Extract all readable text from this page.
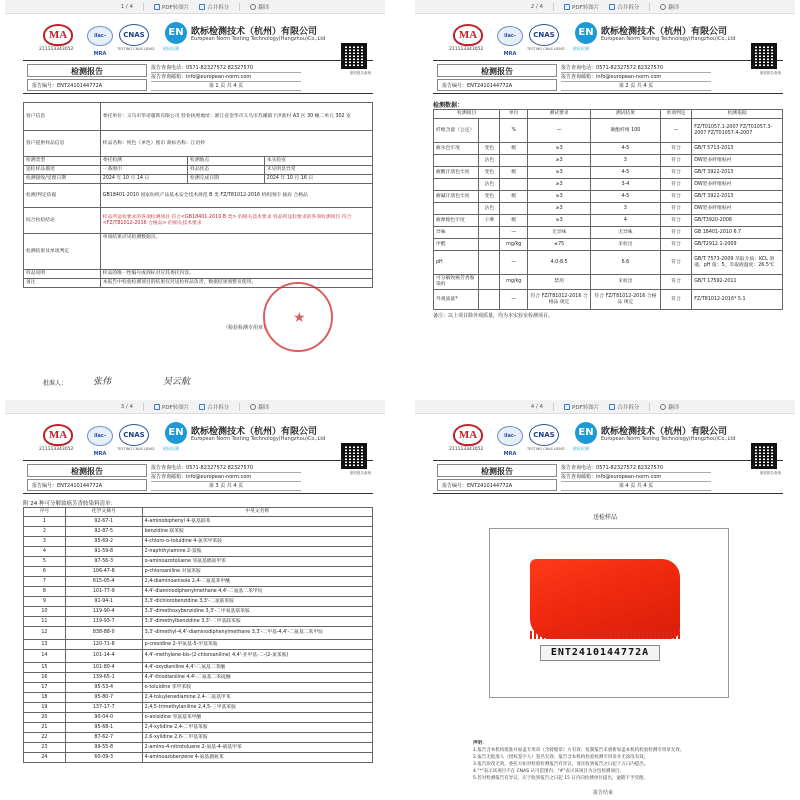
1 / 4	PDF转图片	合并拆分	翻译
MA
211113343052
ilac-MRA
CNAS
TESTING CNAS L8562
EN
欧标检测
欧标检测技术（杭州）有限公司
European Norm Testing Technology(Hangzhou)Co.,Ltd
检测报告
报告编号：ENT2410144772A
报告查询电话：0571-82327572 82327570
报告查询邮箱：info@european-norm.com
第 1 页 共 4 页
微信报告查询
客户信息	委托单位：义乌市华语服饰有限公司 营业执照地址：浙江省金华市义乌市苏溪镇下洪新村 A3 区 30 幢二单元 302 室		
客户提供样品信息	样品名称：纯色（单色）围巾 商标名称：江语妙		
检测类型	委托检测	检测地点	本实验室
送检样品描述	一条围巾	样品状态	未见明显异常
检测接收/受理日期	2024 年 10 月 14 日	检测完成日期	2024 年 10 月 16 日
检测/判定依据	GB18401-2010 国家纺织产品基本安全技术规范 B 类 FZ/T81012-2016 机织围巾 披肩 合格品		
综合检验结论	样品所送检要求的各项检测项目 符合<GB18401-2010 B 类> 的相关技术要求 样品所送检要求的各项检测项目 符合<FZ/T81012-2016 合格品> 的相关技术要求		
检测结果及单项判定	单项结果详见检测数据页。		
样品说明	样品的唯一性编号或商标对应其委托内容。		
备注	本报告中检验检测项目的结果仅对送检样品负责，数据结果须整页使用。		
（检验检测专用章）
★
批准人：	张伟	吴云航
2 / 4	PDF转图片	合并拆分	翻译
MA
211113343052
ilac-MRA
CNAS
TESTING CNAS L8562
EN
欧标检测
欧标检测技术（杭州）有限公司
European Norm Testing Technology(Hangzhou)Co.,Ltd
检测报告
报告编号：ENT2410144772A
报告查询电话：0571-82327572 82327570
报告查询邮箱：info@european-norm.com
第 2 页 共 4 页
微信报告查询
检测数据：
检测项目		单位	测试要求	测试结果	单项判定	检测依据
纤维含量（公定）		%	—	聚酯纤维 100	—	FZ/T01057.1-2007 FZ/T01057.3-2007 FZ/T01057.4-2007
耐水色牢度	变色	级	≥3	4-5	符合	GB/T 5713-2013
	沾色		≥3	3	符合	DW型多纤维贴衬
耐酸汗渍色牢度	变色	级	≥3	4-5	符合	GB/T 3922-2013
	沾色		≥3	3-4	符合	DW型多纤维贴衬
耐碱汗渍色牢度	变色	级	≥3	4-5	符合	GB/T 3922-2013
	沾色		≥3	3	符合	DW型多纤维贴衬
耐摩擦色牢度	干摩	级	≥3	4	符合	GB/T3920-2008
异味		—	无异味	无异味	符合	GB 18401-2010 6.7
甲醛		mg/kg	≤75	未检出	符合	GB/T2912.1-2009
pH		—	4.0-8.5	6.6	符合	GB/T 7573-2009 萃取介质：KCL 溶液，pH 值：5，萃取液温度：26.5℃
可分解致癌芳香胺染料		mg/kg	禁用	未检出	符合	GB/T 17592-2011
外观质量*		—	符合 FZ/T81012-2016 合格品 规定	符合 FZ/T81012-2016 合格品 规定	符合	FZ/T81012-2016* 5.1
备注：以上项目除外观质量，均为本实验室检测项目。
3 / 4	PDF转图片	合并拆分	翻译
MA
211113343052
ilac-MRA
CNAS
TESTING CNAS L8562
EN
欧标检测
欧标检测技术（杭州）有限公司
European Norm Testing Technology(Hangzhou)Co.,Ltd
检测报告
报告编号：ENT2410144772A
报告查询电话：0571-82327572 82327570
报告查询邮箱：info@european-norm.com
第 3 页 共 4 页
微信报告查询
附 24 种可分解致癌芳香胺染料清单：
序号	化学文摘号	中英文名称
1	92-67-1	4-aminobiphenyl 4-氨基联苯
2	92-87-5	benzidine 联苯胺
3	95-69-2	4-chloro-o-toluidine 4-氯邻甲苯胺
4	91-59-8	2-naphthylamine 2-萘胺
5	97-56-3	o-aminoazotoluene 邻氨基偶氮甲苯
6	106-47-8	p-chloroaniline 对氯苯胺
7	615-05-4	2,4-diaminoanisole 2,4-二氨基苯甲醚
8	101-77-9	4,4'-diaminodiphenylmethane 4,4'-二氨基二苯甲烷
9	91-94-1	3,3'-dichlorobenzidine 3,3'-二氯联苯胺
10	119-90-4	3,3'-dimethoxybenzidine 3,3'-二甲氧基联苯胺
11	119-93-7	3,3'-dimethylbenzidine 3,3'-二甲基联苯胺
12	838-88-0	3,3'-dimethyl-4,4'-diaminodiphenylmethane 3,3'-二甲基-4,4'-二氨基二苯甲烷
13	120-71-8	p-cresidine 2-甲氧基-5-甲基苯胺
14	101-14-4	4,4'-methylene-bis-(2-chloroaniline) 4,4'-亚甲基-二-(2-氯苯胺)
15	101-80-4	4,4'-oxydianiline 4,4'-二氨基二苯醚
16	139-65-1	4,4'-thiodianiline 4,4'-二氨基二苯硫醚
17	95-53-4	o-toluidine 邻甲苯胺
18	95-80-7	2,4-toluylenediamine 2,4-二氨基甲苯
19	137-17-7	2,4,5-trimethylaniline 2,4,5-三甲基苯胺
20	90-04-0	o-anisidine 邻氨基苯甲醚
21	95-68-1	2,4-xylidine 2,4-二甲基苯胺
22	87-62-7	2,6-xylidine 2,6-二甲基苯胺
23	99-55-8	2-amino-4-nitrotoluene 2-氨基-4-硝基甲苯
24	60-09-3	4-aminoazobenzene 4-氨基偶氮苯
4 / 4	PDF转图片	合并拆分	翻译
MA
211113343052
ilac-MRA
CNAS
TESTING CNAS L8562
EN
欧标检测
欧标检测技术（杭州）有限公司
European Norm Testing Technology(Hangzhou)Co.,Ltd
检测报告
报告编号：ENT2410144772A
报告查询电话：0571-82327572 82327570
报告查询邮箱：info@european-norm.com
第 4 页 共 4 页
微信报告查询
送检样品
ENT2410144772A
声明：
1.报告含本机构批准并加盖专用章（含骑缝章）方有效；复制报告未重新加盖本机构检验检测专用章无效。
2.报告无批准人（授权签字人）签名无效；报告含本机构检验检测专用章并无涂改有效。
3.报告涂改无效，委托方如对检验检测报告有异议，请在收到报告之日起十五日内提出。
4."*"表示该项目不在 CNAS 认可范围内；"#"表示该项目为分包检测项目。
5.若对检测报告有异议，应于收到报告之日起 15 日内向检测单位提出，逾期不予受理。
报告结束
